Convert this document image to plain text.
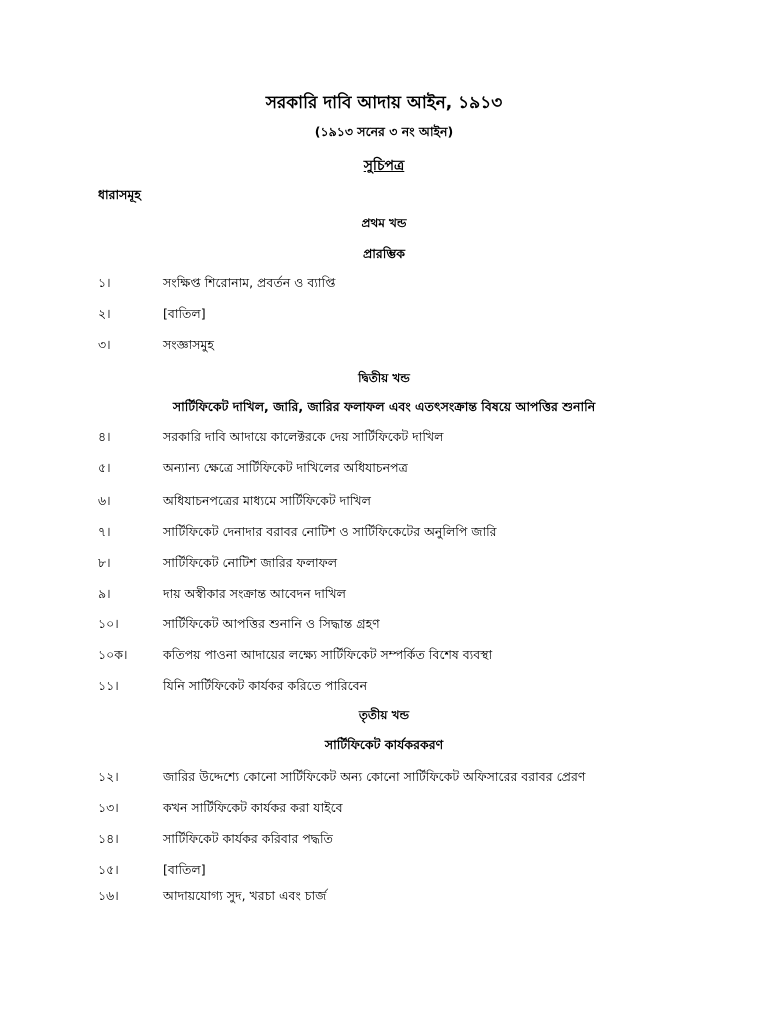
সরকারি দাবি আদায় আইন, ১৯১৩
(১৯১৩ সনের ৩ নং আইন)
সুচিপত্র
ধারাসমূহ
প্রথম খন্ড
প্রারম্ভিক
১।	সংক্ষিপ্ত শিরোনাম, প্রবর্তন ও ব্যাপ্তি
২।	[বাতিল]
৩।	সংজ্ঞাসমুহ
দ্বিতীয় খন্ড
সার্টিফিকেট দাখিল, জারি, জারির ফলাফল এবং এতৎসংক্রান্ত বিষয়ে আপত্তির শুনানি
৪।	সরকারি দাবি আদায়ে কালেক্টরকে দেয় সার্টিফিকেট দাখিল
৫।	অন্যান্য ক্ষেত্রে সার্টিফিকেট দাখিলের অধিযাচনপত্র
৬।	অধিযাচনপত্রের মাধ্যমে সার্টিফিকেট দাখিল
৭।	সার্টিফিকেট দেনাদার বরাবর নোটিশ ও সার্টিফিকেটের অনুলিপি জারি
৮।	সার্টিফিকেট নোটিশ জারির ফলাফল
৯।	দায় অস্বীকার সংক্রান্ত আবেদন দাখিল
১০।	সার্টিফিকেট আপত্তির শুনানি ও সিদ্ধান্ত গ্রহণ
১০ক।	কতিপয় পাওনা আদায়ের লক্ষ্যে সার্টিফিকেট সম্পর্কিত বিশেষ ব্যবস্থা
১১।	যিনি সার্টিফিকেট কার্যকর করিতে পারিবেন
তৃতীয় খন্ড
সার্টিফিকেট কার্যকরকরণ
১২।	জারির উদ্দেশ্যে কোনো সার্টিফিকেট অন্য কোনো সার্টিফিকেট অফিসারের বরাবর প্রেরণ
১৩।	কখন সার্টিফিকেট কার্যকর করা যাইবে
১৪।	সার্টিফিকেট কার্যকর করিবার পদ্ধতি
১৫।	[বাতিল]
১৬।	আদায়যোগ্য সুদ, খরচা এবং চার্জ
